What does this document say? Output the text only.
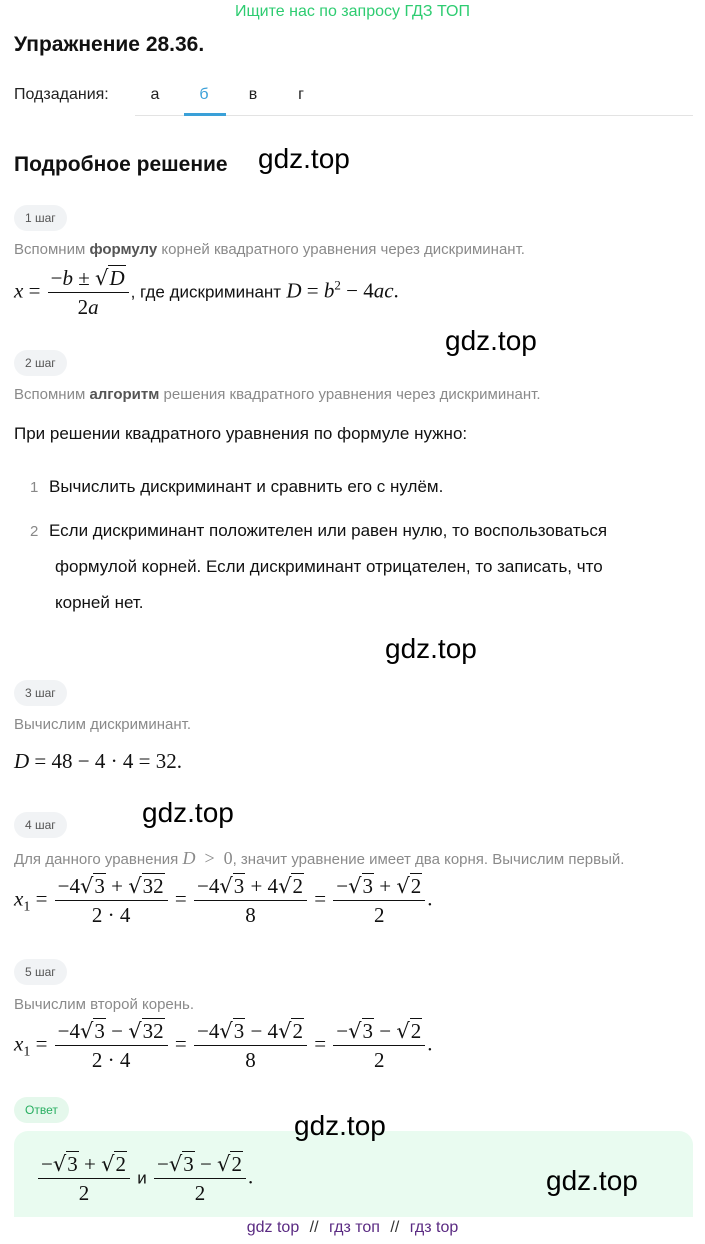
Ищите нас по запросу ГДЗ ТОП
Упражнение 28.36.
Подзадания:	а	б	в	г
Подробное решение gdz.top
1 шаг
Вспомним формулу корней квадратного уравнения через дискриминант.
$x = \frac{-b \pm √D}{2a}$ , где дискриминант $D = b^2 - 4ac$.
gdz.top
2 шаг
Вспомним алгоритм решения квадратного уравнения через дискриминант.
При решении квадратного уравнения по формуле нужно:
1 Вычислить дискриминант и сравнить его с нулём.
2 Если дискриминант положителен или равен нулю, то воспользоваться
формулой корней. Если дискриминант отрицателен, то записать, что
корней нет.
gdz.top
3 шаг
Вычислим дискриминант.
D = 48 − 4 · 4 = 32.
gdz.top
4 шаг
Для данного уравнения D  >  0, значит уравнение имеет два корня. Вычислим первый.
$x_1 = \frac{-4√3 + √32}{2 \cdot 4} = \frac{-4√3 + 4√2}{8} = \frac{-√3 + √2}{2}$ .
5 шаг
Вычислим второй корень.
$x_1 = \frac{-4√3 - √32}{2 \cdot 4} = \frac{-4√3 - 4√2}{8} = \frac{-√3 - √2}{2}$ .
Ответ	gdz.top
$\frac{-√3 + √2}{2}$ и $\frac{-√3 - √2}{2}$ .	gdz.top
gdz top // гдз топ // гдз top
